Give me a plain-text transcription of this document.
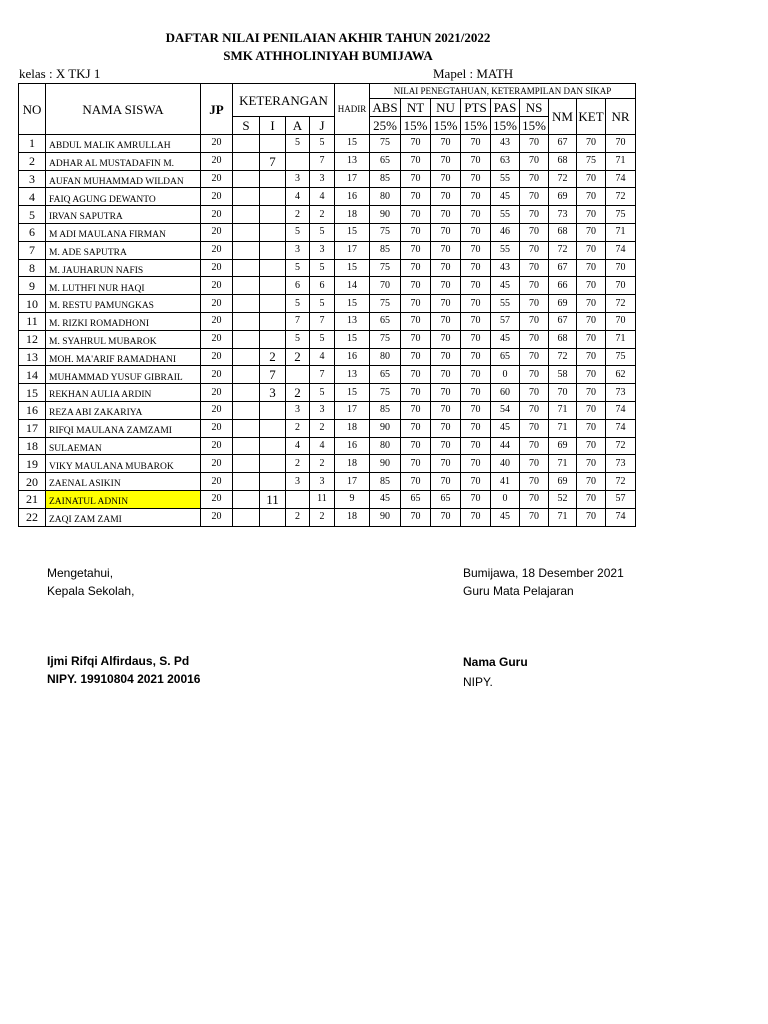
DAFTAR NILAI PENILAIAN AKHIR TAHUN 2021/2022
SMK ATHHOLINIYAH BUMIJAWA
kelas : X TKJ 1	Mapel : MATH
NO	NAMA SISWA	JP	KETERANGAN				HADIR	NILAI PENEGTAHUAN, KETERAMPILAN DAN SIKAP								
								ABS	NT	NU	PTS	PAS	NS	NM	KET	NR
			S	I	A	J		25%	15%	15%	15%	15%	15%			
1	ABDUL MALIK AMRULLAH	20			5	5	15	75	70	70	70	43	70	67	70	70
2	ADHAR AL MUSTADAFIN M.	20		7		7	13	65	70	70	70	63	70	68	75	71
3	AUFAN MUHAMMAD WILDAN	20			3	3	17	85	70	70	70	55	70	72	70	74
4	FAIQ AGUNG DEWANTO	20			4	4	16	80	70	70	70	45	70	69	70	72
5	IRVAN SAPUTRA	20			2	2	18	90	70	70	70	55	70	73	70	75
6	M ADI MAULANA FIRMAN	20			5	5	15	75	70	70	70	46	70	68	70	71
7	M. ADE SAPUTRA	20			3	3	17	85	70	70	70	55	70	72	70	74
8	M. JAUHARUN NAFIS	20			5	5	15	75	70	70	70	43	70	67	70	70
9	M. LUTHFI NUR HAQI	20			6	6	14	70	70	70	70	45	70	66	70	70
10	M. RESTU PAMUNGKAS	20			5	5	15	75	70	70	70	55	70	69	70	72
11	M. RIZKI ROMADHONI	20			7	7	13	65	70	70	70	57	70	67	70	70
12	M. SYAHRUL MUBAROK	20			5	5	15	75	70	70	70	45	70	68	70	71
13	MOH. MA'ARIF RAMADHANI	20		2	2	4	16	80	70	70	70	65	70	72	70	75
14	MUHAMMAD YUSUF GIBRAIL	20		7		7	13	65	70	70	70	0	70	58	70	62
15	REKHAN AULIA ARDIN	20		3	2	5	15	75	70	70	70	60	70	70	70	73
16	REZA ABI ZAKARIYA	20			3	3	17	85	70	70	70	54	70	71	70	74
17	RIFQI MAULANA ZAMZAMI	20			2	2	18	90	70	70	70	45	70	71	70	74
18	SULAEMAN	20			4	4	16	80	70	70	70	44	70	69	70	72
19	VIKY MAULANA MUBAROK	20			2	2	18	90	70	70	70	40	70	71	70	73
20	ZAENAL ASIKIN	20			3	3	17	85	70	70	70	41	70	69	70	72
21	ZAINATUL ADNIN	20		11		11	9	45	65	65	70	0	70	52	70	57
22	ZAQI ZAM ZAMI	20			2	2	18	90	70	70	70	45	70	71	70	74
Mengetahui,
Kepala Sekolah,
Ijmi Rifqi Alfirdaus, S. Pd
NIPY. 19910804 2021 20016
Bumijawa, 18 Desember 2021
Guru Mata Pelajaran
Nama Guru
NIPY.
